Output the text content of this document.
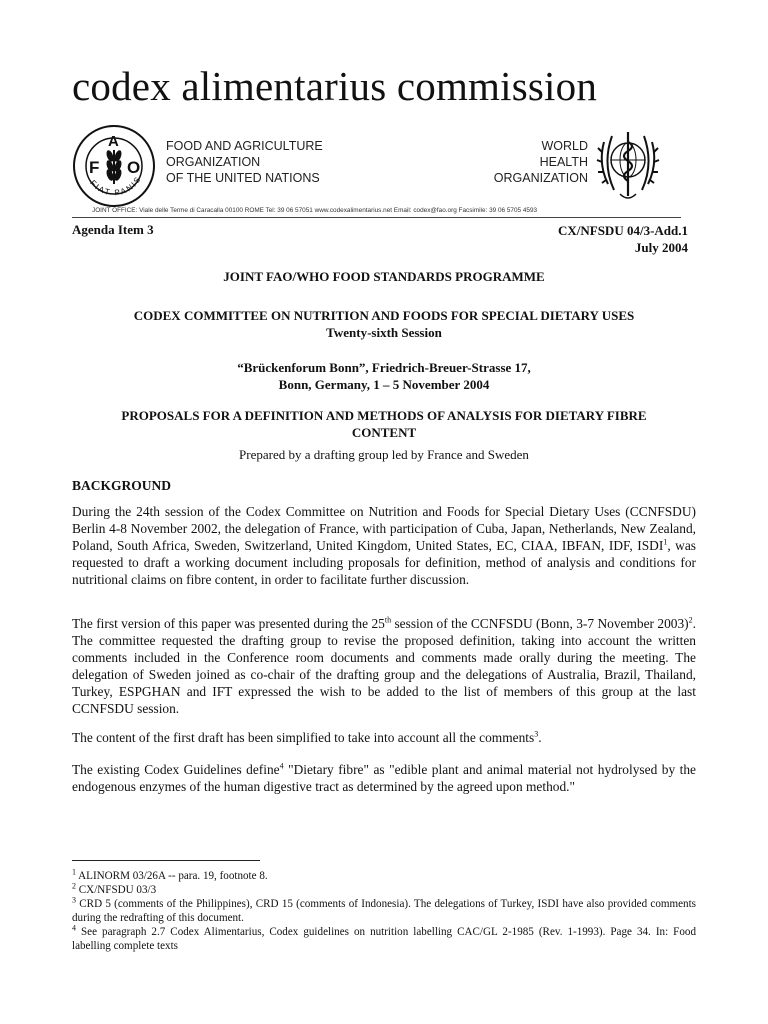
codex alimentarius commission
F
A
O
FIAT PANIS
FOOD AND AGRICULTURE
ORGANIZATION
OF THE UNITED NATIONS
WORLD
HEALTH
ORGANIZATION
JOINT OFFICE: Viale delle Terme di Caracalla 00100 ROME Tel: 39 06 57051 www.codexalimentarius.net Email: codex@fao.org Facsimile: 39 06 5705 4593
Agenda Item 3	CX/NFSDU 04/3-Add.1
July 2004
JOINT FAO/WHO FOOD STANDARDS PROGRAMME
CODEX COMMITTEE ON NUTRITION AND FOODS FOR SPECIAL DIETARY USES
Twenty-sixth Session
“Brückenforum Bonn”, Friedrich-Breuer-Strasse 17,
Bonn, Germany, 1 – 5 November 2004
PROPOSALS FOR A DEFINITION AND METHODS OF ANALYSIS FOR DIETARY FIBRE
CONTENT
Prepared by a drafting group led by France and Sweden
BACKGROUND
During the 24th session of the Codex Committee on Nutrition and Foods for Special Dietary Uses (CCNFSDU) Berlin 4-8 November 2002, the delegation of France, with participation of Cuba, Japan, Netherlands, New Zealand, Poland, South Africa, Sweden, Switzerland, United Kingdom, United States, EC, CIAA, IBFAN, IDF, ISDI$^1$, was requested to draft a working document including proposals for definition, method of analysis and conditions for nutritional claims on fibre content, in order to facilitate further discussion.
The first version of this paper was presented during the 25th session of the CCNFSDU (Bonn, 3-7 November 2003)$^2$. The committee requested the drafting group to revise the proposed definition, taking into account the written comments included in the Conference room documents and comments made orally during the meeting. The delegation of Sweden joined as co-chair of the drafting group and the delegations of Australia, Brazil, Thailand, Turkey, ESPGHAN and IFT expressed the wish to be added to the list of members of this group at the last CCNFSDU session.
The content of the first draft has been simplified to take into account all the comments$^3$.
The existing Codex Guidelines define$^4$ "Dietary fibre" as "edible plant and animal material not hydrolysed by the endogenous enzymes of the human digestive tract as determined by the agreed upon method."
$^1$ ALINORM 03/26A -- para. 19, footnote 8.
$^2$ CX/NFSDU 03/3
$^3$ CRD 5 (comments of the Philippines), CRD 15 (comments of Indonesia). The delegations of Turkey, ISDI have also provided comments during the redrafting of this document.
$^4$ See paragraph 2.7 Codex Alimentarius, Codex guidelines on nutrition labelling CAC/GL 2-1985 (Rev. 1-1993). Page 34. In: Food labelling complete texts
